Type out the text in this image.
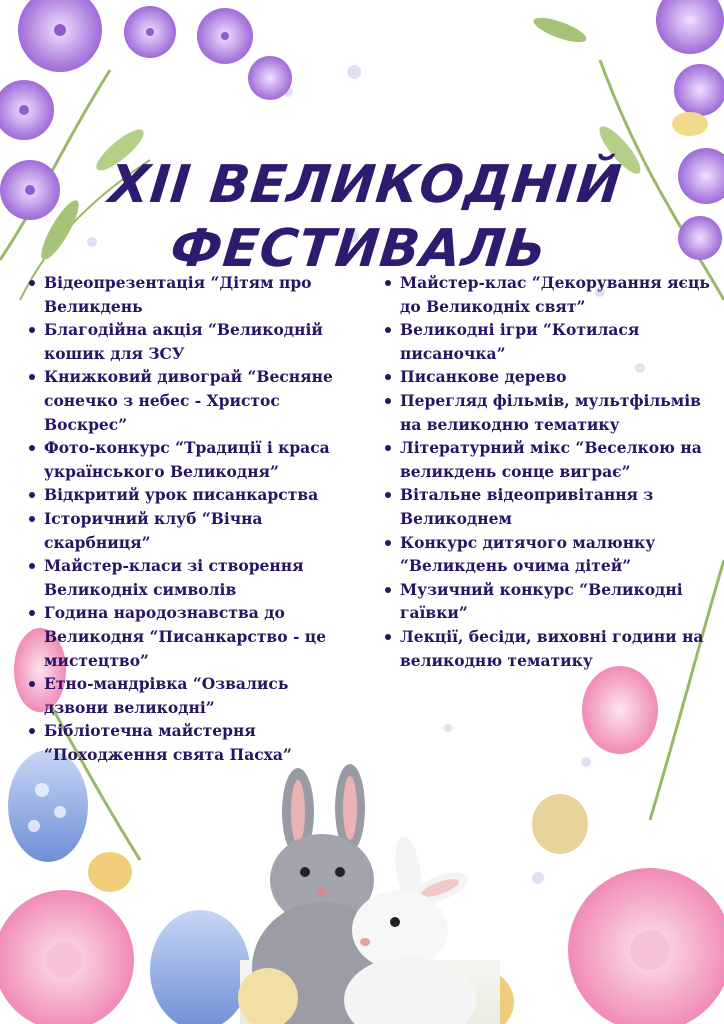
XII ВЕЛИКОДНІЙ
ФЕСТИВАЛЬ
Відеопрезентація “Дітям про Великдень
Благодійна акція “Великодній кошик для ЗСУ
Книжковий дивограй “Весняне сонечко з небес - Христос Воскрес”
Фото-конкурс “Традиції і краса українського Великодня”
Відкритий урок писанкарства
Історичний клуб “Вічна скарбниця”
Майстер-класи зі створення Великодніх символів
Година народознавства до Великодня “Писанкарство - це мистецтво”
Етно-мандрівка “Озвались дзвони великодні”
Бібліотечна майстерня “Походження свята Пасха”
Майстер-клас “Декорування яєць до Великодніх свят”
Великодні ігри “Котилася писаночка”
Писанкове дерево
Перегляд фільмів, мультфільмів на великодню тематику
Літературний мікс “Веселкою на великдень сонце виграє”
Вітальне відеопривітання з Великоднем
Конкурс дитячого малюнку “Великдень очима дітей”
Музичний конкурс “Великодні гаївки”
Лекції, бесіди, виховні години на великодню тематику
